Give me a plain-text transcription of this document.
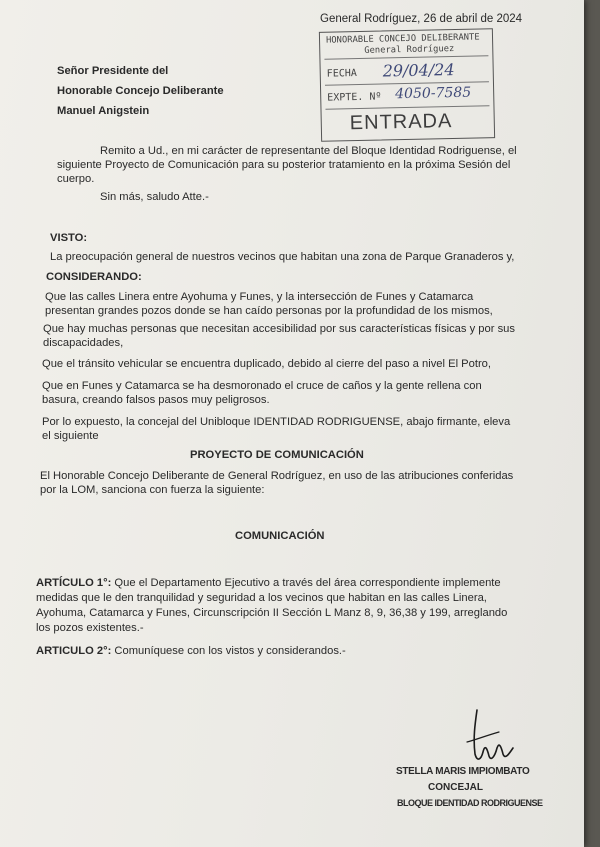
General Rodríguez, 26 de abril de 2024
Señor Presidente del
Honorable Concejo Deliberante
Manuel Anigstein
HONORABLE CONCEJO DELIBERANTE
General Rodríguez
FECHA 29/04/24
EXPTE. Nº 4050-7585
ENTRADA
Remito a Ud., en mi carácter de representante del Bloque Identidad Rodriguense, el
siguiente Proyecto de Comunicación para su posterior tratamiento en la próxima Sesión del
cuerpo.
Sin más, saludo Atte.-
VISTO:
La preocupación general de nuestros vecinos que habitan una zona de Parque Granaderos y,
CONSIDERANDO:
Que las calles Linera entre Ayohuma y Funes, y la intersección de Funes y Catamarca
presentan grandes pozos donde se han caído personas por la profundidad de los mismos,
Que hay muchas personas que necesitan accesibilidad por sus características físicas y por sus
discapacidades,
Que el tránsito vehicular se encuentra duplicado, debido al cierre del paso a nivel El Potro,
Que en Funes y Catamarca se ha desmoronado el cruce de caños y la gente rellena con
basura, creando falsos pasos muy peligrosos.
Por lo expuesto, la concejal del Unibloque IDENTIDAD RODRIGUENSE, abajo firmante, eleva
el siguiente
PROYECTO DE COMUNICACIÓN
El Honorable Concejo Deliberante de General Rodríguez, en uso de las atribuciones conferidas
por la LOM, sanciona con fuerza la siguiente:
COMUNICACIÓN
ARTÍCULO 1°: Que el Departamento Ejecutivo a través del área correspondiente implemente
medidas que le den tranquilidad y seguridad a los vecinos que habitan en las calles Linera,
Ayohuma, Catamarca y Funes, Circunscripción II Sección L Manz 8, 9, 36,38 y 199, arreglando
los pozos existentes.-
ARTICULO 2°: Comuníquese con los vistos y considerandos.-
STELLA MARIS IMPIOMBATO
CONCEJAL
BLOQUE IDENTIDAD RODRIGUENSE
